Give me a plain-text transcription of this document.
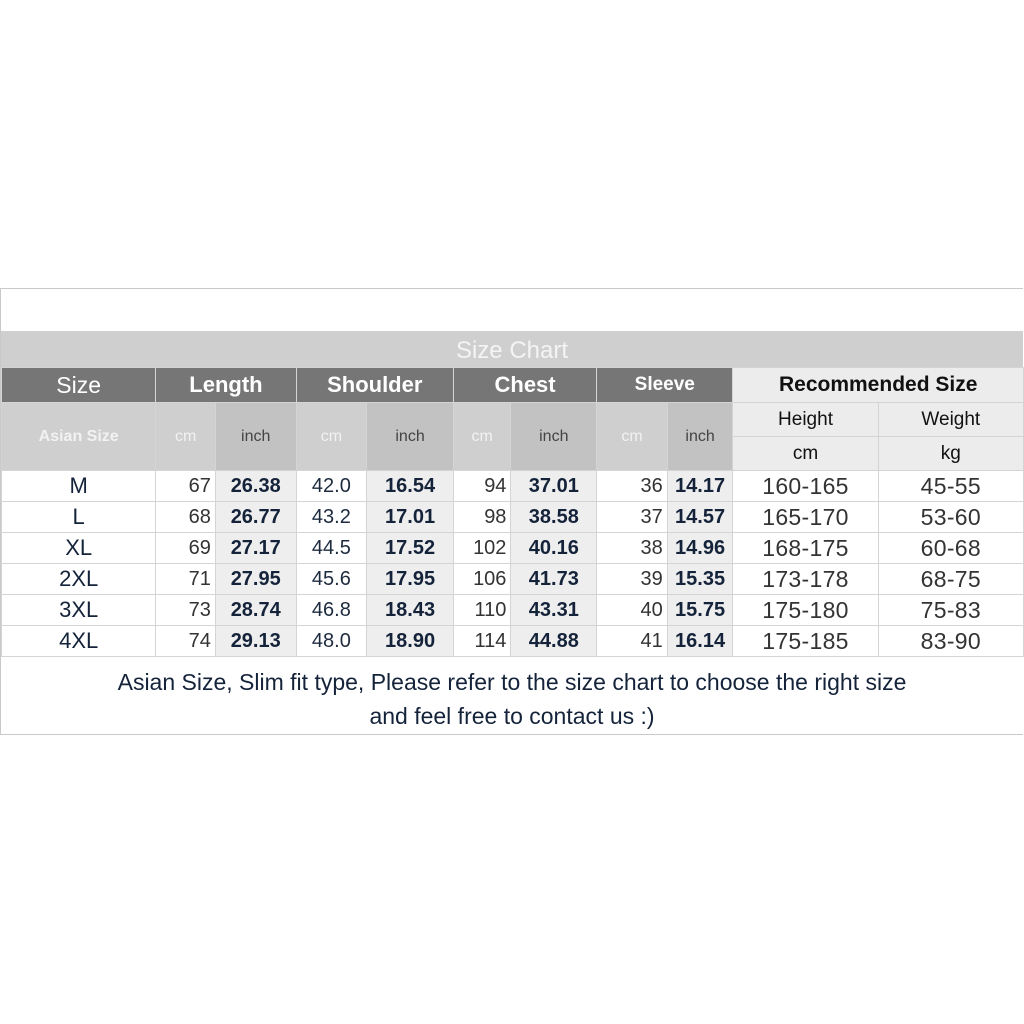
Size Chart
Size	Length		Shoulder		Chest		Sleeve		Recommended Size	
Asian Size	cm	inch	cm	inch	cm	inch	cm	inch	Height	Weight
									cm	kg
M	67	26.38	42.0	16.54	94	37.01	36	14.17	160-165	45-55
L	68	26.77	43.2	17.01	98	38.58	37	14.57	165-170	53-60
XL	69	27.17	44.5	17.52	102	40.16	38	14.96	168-175	60-68
2XL	71	27.95	45.6	17.95	106	41.73	39	15.35	173-178	68-75
3XL	73	28.74	46.8	18.43	110	43.31	40	15.75	175-180	75-83
4XL	74	29.13	48.0	18.90	114	44.88	41	16.14	175-185	83-90
Asian Size, Slim fit type, Please refer to the size chart to choose the right size
and feel free to contact us :)
